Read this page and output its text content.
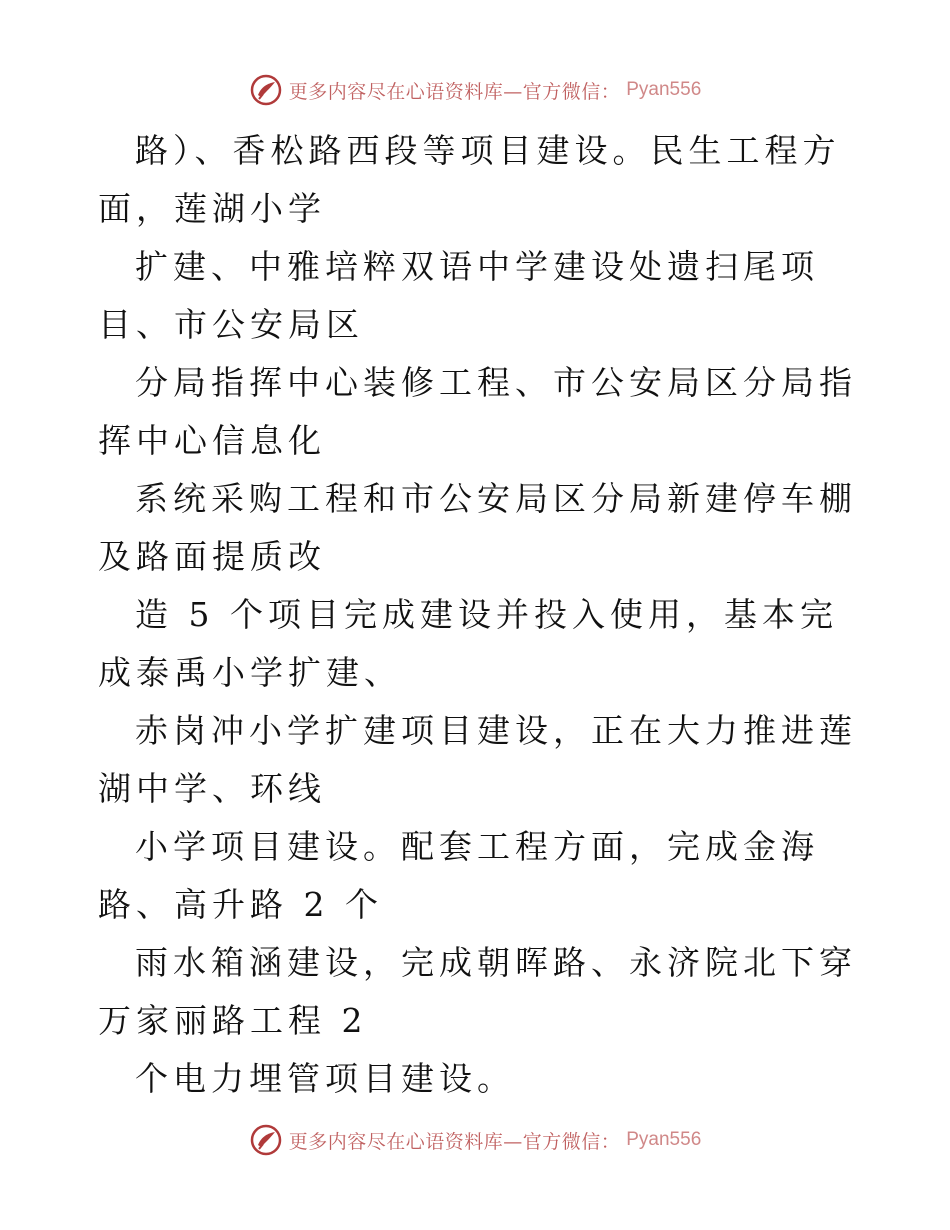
更多内容尽在心语资料库—官方微信： Pyan556

路）、香松路西段等项目建设。民生工程方面，莲湖小学

扩建、中雅培粹双语中学建设处遗扫尾项目、市公安局区

分局指挥中心装修工程、市公安局区分局指挥中心信息化

系统采购工程和市公安局区分局新建停车棚及路面提质改

造 5 个项目完成建设并投入使用，基本完成泰禹小学扩建、

赤岗冲小学扩建项目建设，正在大力推进莲湖中学、环线

小学项目建设。配套工程方面，完成金海路、高升路 2 个

雨水箱涵建设，完成朝晖路、永济院北下穿万家丽路工程 2

个电力埋管项目建设。

更多内容尽在心语资料库—官方微信： Pyan556
